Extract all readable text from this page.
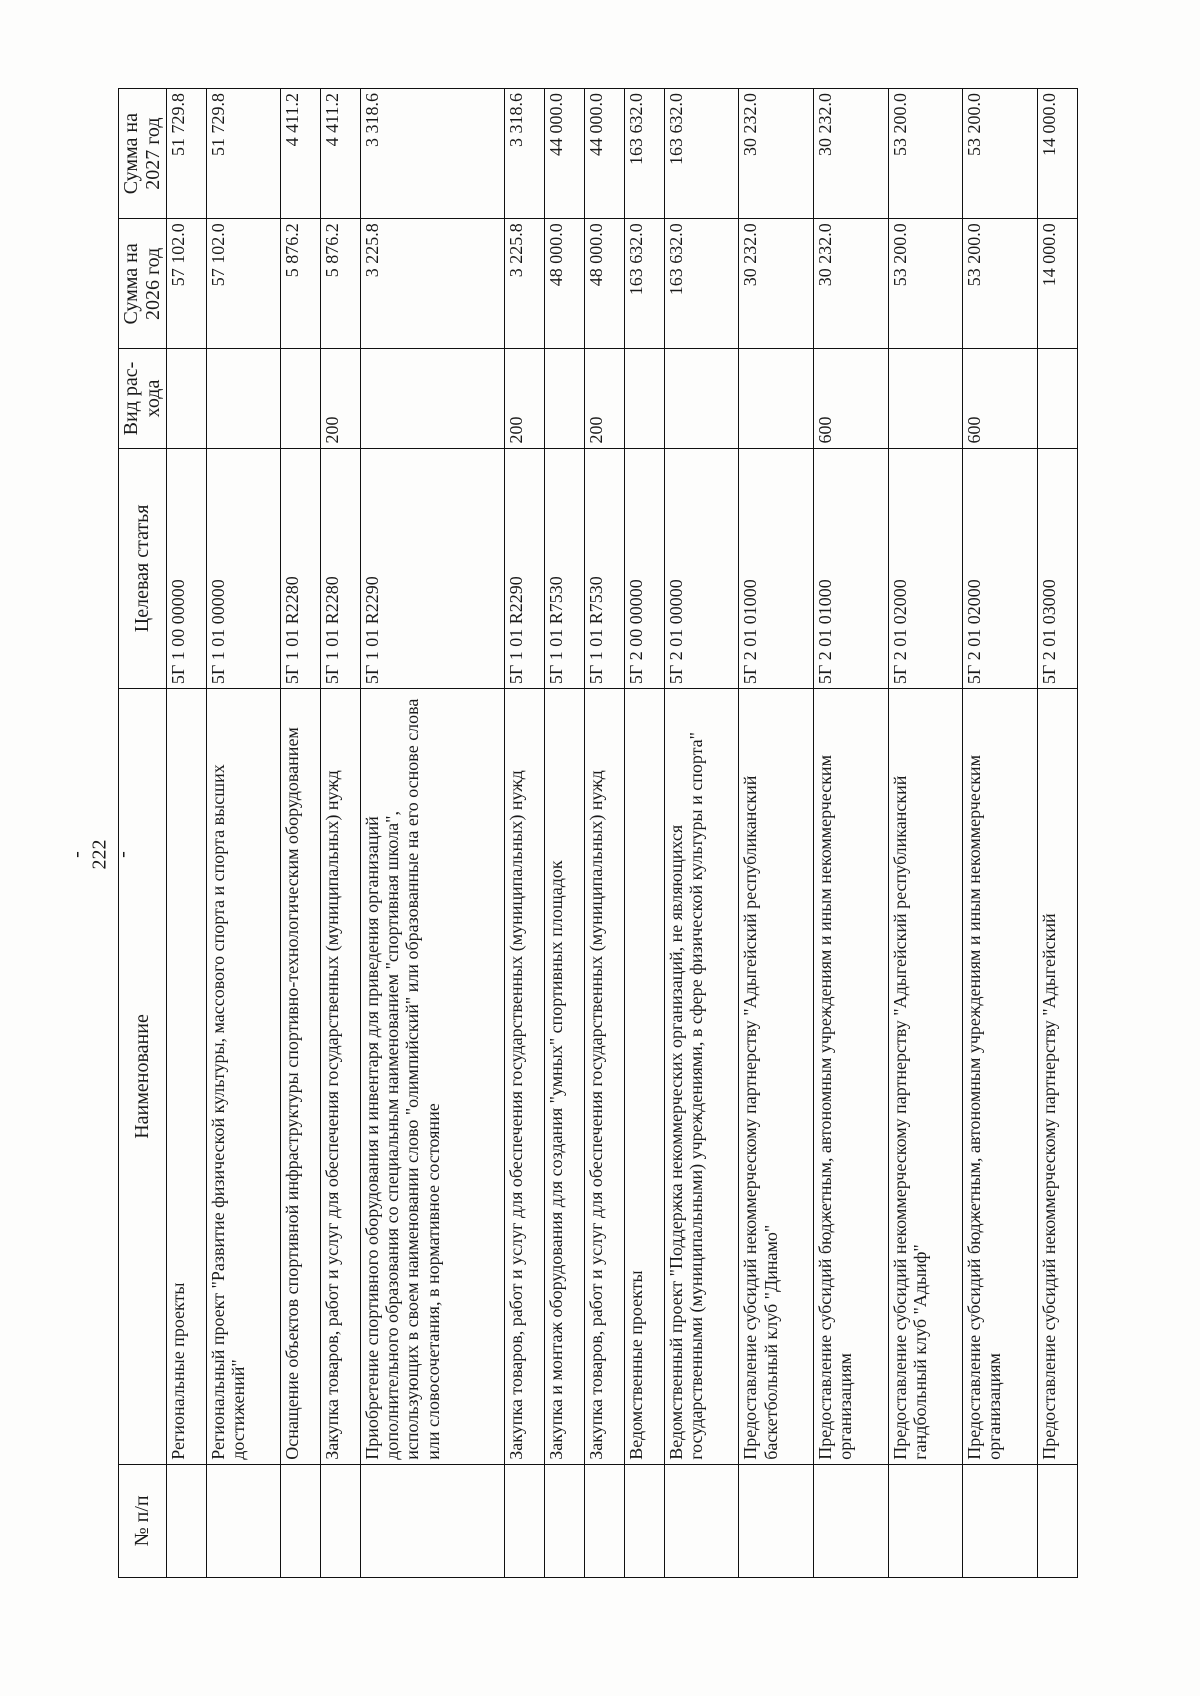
- 222 -
№ п/п	Наименование	Целевая статья	Вид рас-хода	Сумма на 2026 год	Сумма на 2027 год
	Региональные проекты	5Г 1 00 00000		57 102.0	51 729.8
	Региональный проект "Развитие физической культуры, массового спорта и спорта высших достижений"	5Г 1 01 00000		57 102.0	51 729.8
	Оснащение объектов спортивной инфраструктуры спортивно-технологическим оборудованием	5Г 1 01 R2280		5 876.2	4 411.2
	Закупка товаров, работ и услуг для обеспечения государственных (муниципальных) нужд	5Г 1 01 R2280	200	5 876.2	4 411.2
	Приобретение спортивного оборудования и инвентаря для приведения организаций дополнительного образования со специальным наименованием "спортивная школа", использующих в своем наименовании слово "олимпийский" или образованные на его основе слова или словосочетания, в нормативное состояние	5Г 1 01 R2290		3 225.8	3 318.6
	Закупка товаров, работ и услуг для обеспечения государственных (муниципальных) нужд	5Г 1 01 R2290	200	3 225.8	3 318.6
	Закупка и монтаж оборудования для создания "умных" спортивных площадок	5Г 1 01 R7530		48 000.0	44 000.0
	Закупка товаров, работ и услуг для обеспечения государственных (муниципальных) нужд	5Г 1 01 R7530	200	48 000.0	44 000.0
	Ведомственные проекты	5Г 2 00 00000		163 632.0	163 632.0
	Ведомственный проект "Поддержка некоммерческих организаций, не являющихся государственными (муниципальными) учреждениями, в сфере физической культуры и спорта"	5Г 2 01 00000		163 632.0	163 632.0
	Предоставление субсидий некоммерческому партнерству "Адыгейский республиканский баскетбольный клуб "Динамо"	5Г 2 01 01000		30 232.0	30 232.0
	Предоставление субсидий бюджетным, автономным учреждениям и иным некоммерческим организациям	5Г 2 01 01000	600	30 232.0	30 232.0
	Предоставление субсидий некоммерческому партнерству "Адыгейский республиканский гандбольный клуб "Адыиф"	5Г 2 01 02000		53 200.0	53 200.0
	Предоставление субсидий бюджетным, автономным учреждениям и иным некоммерческим организациям	5Г 2 01 02000	600	53 200.0	53 200.0
	Предоставление субсидий некоммерческому партнерству "Адыгейский	5Г 2 01 03000		14 000.0	14 000.0
